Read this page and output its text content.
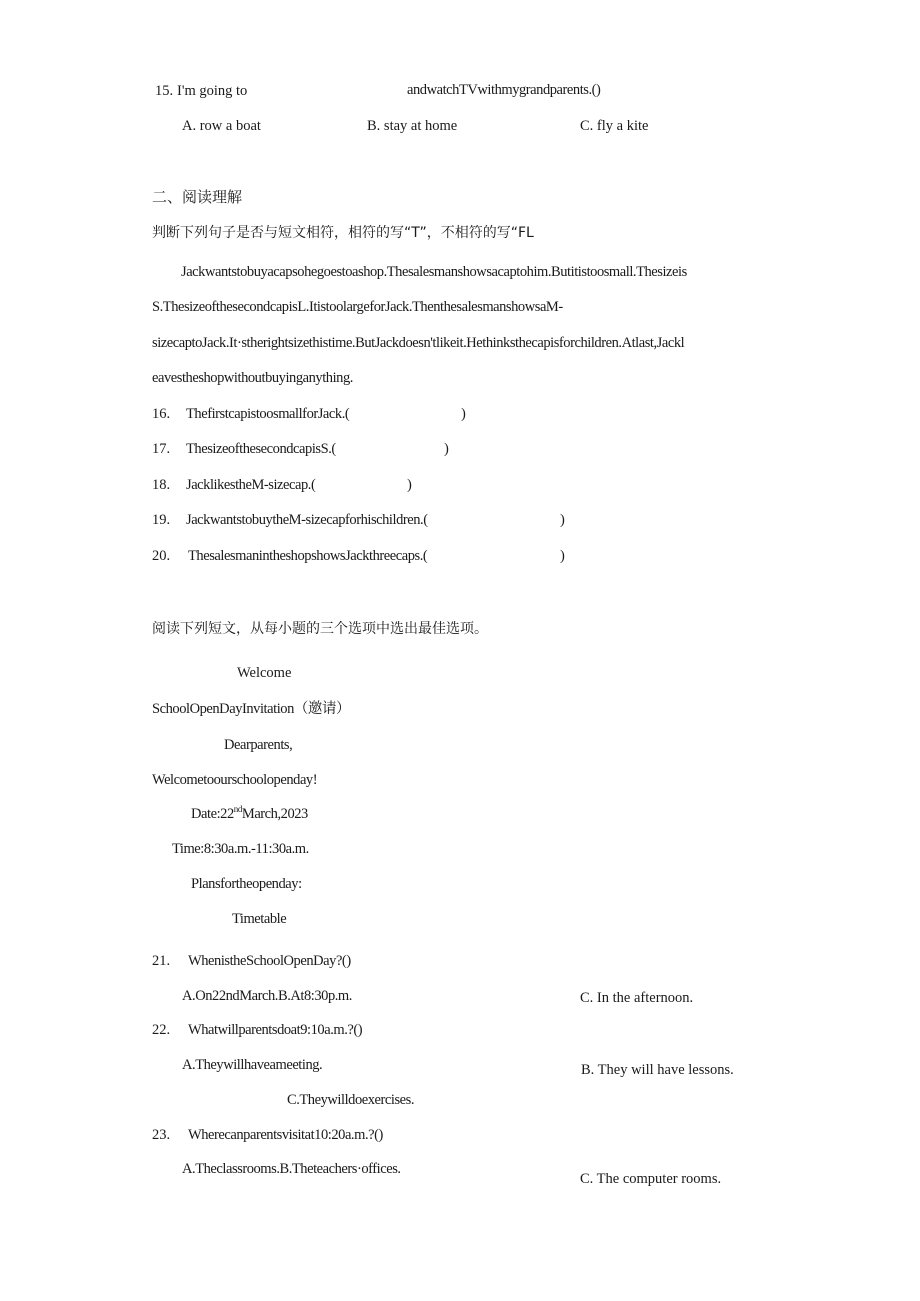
15. I'm going to	andwatchTVwithmygrandparents.()
A. row a boat	B. stay at home	C. fly a kite
二、阅读理解
判断下列句子是否与短文相符，相符的写“T”，不相符的写“FL
Jackwantstobuyacapsohegoestoashop.Thesalesmanshowsacaptohim.Butitistoosmall.Thesizeis
S.ThesizeofthesecondcapisL.ItistoolargeforJack.ThenthesalesmanshowsaM-
sizecaptoJack.It·stherightsizethistime.ButJackdoesn'tlikeit.Hethinksthecapisforchildren.Atlast,Jackl
eavestheshopwithoutbuyinganything.
16. ThefirstcapistoosmallforJack.(	)
17. ThesizeofthesecondcapisS.(	)
18. JacklikestheM-sizecap.(	)
19. JackwantstobuytheM-sizecapforhischildren.(	)
20. ThesalesmanintheshopshowsJackthreecaps.(	)
阅读下列短文，从每小题的三个选项中选出最佳选项。
Welcome
SchoolOpenDayInvitation（邀请）
Dearparents,
Welcometoourschoolopenday!
Date:22ndMarch,2023
Time:8:30a.m.-11:30a.m.
Plansfortheopenday:
Timetable
21. WhenistheSchoolOpenDay?()
A.On22ndMarch.B.At8:30p.m.	C. In the afternoon.
22. Whatwillparentsdoat9:10a.m.?()
A.Theywillhaveameeting.	B. They will have lessons.
C.Theywilldoexercises.
23. Wherecanparentsvisitat10:20a.m.?()
A.Theclassrooms.B.Theteachers·offices.
C. The computer rooms.
